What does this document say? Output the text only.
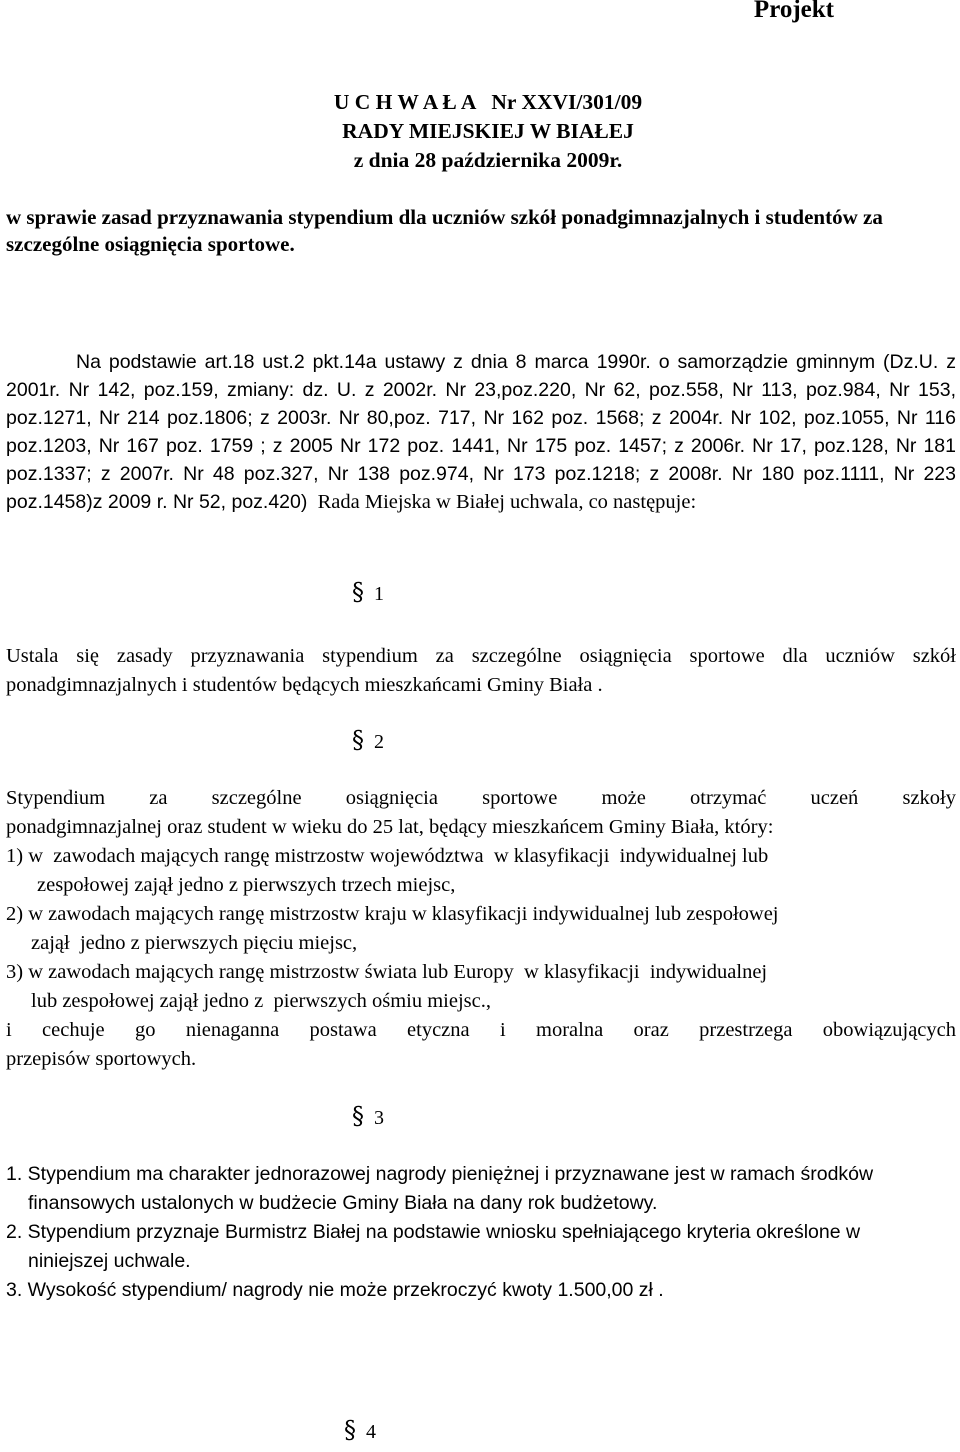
Projekt
U C H W A Ł A   Nr XXVI/301/09
RADY MIEJSKIEJ W BIAŁEJ
z dnia 28 października 2009r.
w sprawie zasad przyznawania stypendium dla uczniów szkół ponadgimnazjalnych i studentów za szczególne osiągnięcia sportowe.
Na podstawie art.18 ust.2 pkt.14a ustawy z dnia 8 marca 1990r. o samorządzie gminnym (Dz.U. z 2001r. Nr 142, poz.159, zmiany: dz. U. z 2002r. Nr 23,poz.220, Nr 62, poz.558, Nr 113, poz.984, Nr 153, poz.1271, Nr 214 poz.1806; z 2003r. Nr 80,poz. 717, Nr 162 poz. 1568; z 2004r. Nr 102, poz.1055, Nr 116 poz.1203, Nr 167 poz. 1759 ; z 2005 Nr 172 poz. 1441, Nr 175 poz. 1457; z 2006r. Nr 17, poz.128, Nr 181 poz.1337; z 2007r. Nr 48 poz.327, Nr 138 poz.974, Nr 173 poz.1218; z 2008r. Nr 180 poz.1111, Nr 223 poz.1458)z 2009 r. Nr 52, poz.420)  Rada Miejska w Białej uchwala, co następuje:
§ 1
Ustala się zasady przyznawania stypendium za szczególne osiągnięcia sportowe dla uczniów szkół ponadgimnazjalnych i studentów będących mieszkańcami Gminy Biała .
§ 2
Stypendium za szczególne osiągnięcia sportowe może otrzymać uczeń szkoły
ponadgimnazjalnej oraz student w wieku do 25 lat, będący mieszkańcem Gminy Biała, który:
1) w  zawodach mających rangę mistrzostw województwa  w klasyfikacji  indywidualnej lub
zespołowej zajął jedno z pierwszych trzech miejsc,
2) w zawodach mających rangę mistrzostw kraju w klasyfikacji indywidualnej lub zespołowej
zajął  jedno z pierwszych pięciu miejsc,
3) w zawodach mających rangę mistrzostw świata lub Europy  w klasyfikacji  indywidualnej
lub zespołowej zajął jedno z  pierwszych ośmiu miejsc.,
i cechuje go nienaganna postawa etyczna i moralna oraz przestrzega obowiązujących
przepisów sportowych.
§ 3
1. Stypendium ma charakter jednorazowej nagrody pieniężnej i przyznawane jest w ramach środków finansowych ustalonych w budżecie Gminy Biała na dany rok budżetowy.
2. Stypendium przyznaje Burmistrz Białej na podstawie wniosku spełniającego kryteria określone w niniejszej uchwale.
3. Wysokość stypendium/ nagrody nie może przekroczyć kwoty 1.500,00 zł .
§ 4
